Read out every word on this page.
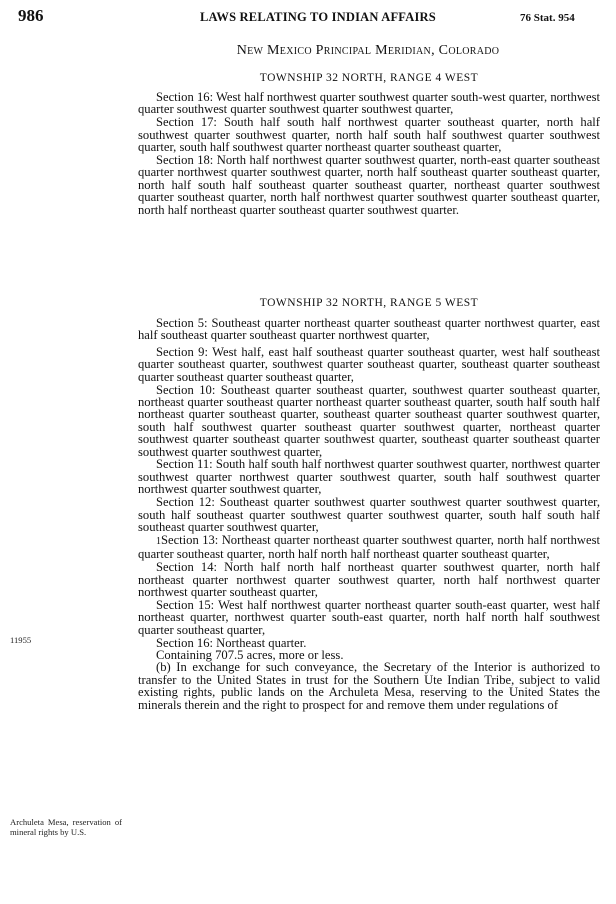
986	LAWS RELATING TO INDIAN AFFAIRS	76 Stat. 954
New Mexico Principal Meridian, Colorado
11955
Archuleta Mesa, reservation of mineral rights by U.S.
TOWNSHIP 32 NORTH, RANGE 4 WEST

Section 16: West half northwest quarter southwest quarter south-west quarter, northwest quarter southwest quarter southwest quarter southwest quarter,

Section 17: South half south half northwest quarter southeast quarter, north half southwest quarter southwest quarter, north half south half southwest quarter southwest quarter, south half southwest quarter northeast quarter southeast quarter,

Section 18: North half northwest quarter southwest quarter, north-east quarter southeast quarter northwest quarter southwest quarter, north half southeast quarter southeast quarter, north half south half southeast quarter southeast quarter, northeast quarter southwest quarter southeast quarter, north half northwest quarter southwest quarter southeast quarter, north half northeast quarter southeast quarter southwest quarter.

TOWNSHIP 32 NORTH, RANGE 5 WEST

Section 5: Southeast quarter northeast quarter southeast quarter northwest quarter, east half southeast quarter southeast quarter northwest quarter,

Section 9: West half, east half southeast quarter southeast quarter, west half southeast quarter southeast quarter, southwest quarter southeast quarter, southeast quarter southeast quarter southeast quarter southeast quarter,

Section 10: Southeast quarter southeast quarter, southwest quarter southeast quarter, northeast quarter southeast quarter northeast quarter southeast quarter, south half south half northeast quarter southeast quarter, southeast quarter southeast quarter southwest quarter, south half southwest quarter southeast quarter southwest quarter, northeast quarter southwest quarter southeast quarter southwest quarter, southeast quarter southeast quarter southwest quarter southwest quarter,

Section 11: South half south half northwest quarter southwest quarter, northwest quarter southwest quarter northwest quarter southwest quarter, south half southwest quarter northwest quarter southwest quarter,

Section 12: Southeast quarter southwest quarter southwest quarter southwest quarter, south half southeast quarter southwest quarter southwest quarter, south half south half southeast quarter southwest quarter,

1Section 13: Northeast quarter northeast quarter southwest quarter, north half northwest quarter southeast quarter, north half north half northeast quarter southeast quarter,

Section 14: North half north half northeast quarter southwest quarter, north half northeast quarter northwest quarter southwest quarter, north half northwest quarter northwest quarter southeast quarter,

Section 15: West half northwest quarter northeast quarter south-east quarter, west half northeast quarter, northwest quarter south-east quarter, north half north half southwest quarter southeast quarter,

Section 16: Northeast quarter.

Containing 707.5 acres, more or less.

(b) In exchange for such conveyance, the Secretary of the Interior is authorized to transfer to the United States in trust for the Southern Ute Indian Tribe, subject to valid existing rights, public lands on the Archuleta Mesa, reserving to the United States the minerals therein and the right to prospect for and remove them under regulations of
